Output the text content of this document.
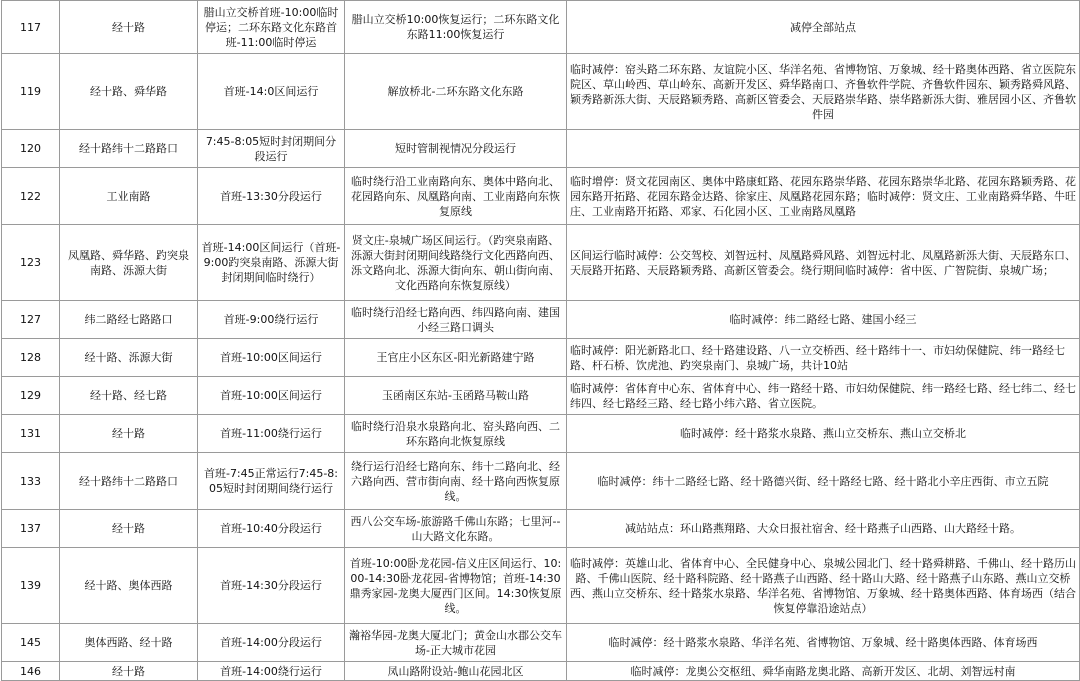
117	经十路	腊山立交桥首班-10:00临时停运；二环东路文化东路首班-11:00临时停运	腊山立交桥10:00恢复运行；二环东路文化东路11:00恢复运行	减停全部站点
119	经十路、舜华路	首班-14:0区间运行	解放桥北-二环东路文化东路	临时减停：窑头路二环东路、友谊院小区、华洋名苑、省博物馆、万象城、经十路奥体西路、省立医院东院区、草山岭西、草山岭东、高新开发区、舜华路南口、齐鲁软件学院、齐鲁软件园东、颖秀路舜风路、颖秀路新泺大街、天辰路颖秀路、高新区管委会、天辰路崇华路、崇华路新泺大街、雅居园小区、齐鲁软件园
120	经十路纬十二路路口	7:45-8:05短时封闭期间分段运行	短时管制视情况分段运行	
122	工业南路	首班-13:30分段运行	临时绕行沿工业南路向东、奥体中路向北、花园路向东、凤凰路向南、工业南路向东恢复原线	临时增停：贤文花园南区、奥体中路康虹路、花园东路崇华路、花园东路崇华北路、花园东路颖秀路、花园东路开拓路、花园东路金达路、徐家庄、凤凰路花园东路；临时减停：贤文庄、工业南路舜华路、牛旺庄、工业南路开拓路、邓家、石化园小区、工业南路凤凰路
123	凤凰路、舜华路、趵突泉南路、泺源大街	首班-14:00区间运行（首班-9:00趵突泉南路、泺源大街封闭期间临时绕行）	贤文庄-泉城广场区间运行。（趵突泉南路、泺源大街封闭期间线路绕行文化西路向西、泺文路向北、泺源大街向东、朝山街向南、文化西路向东恢复原线）	区间运行临时减停：公交驾校、刘智远村、凤凰路舜风路、刘智远村北、凤凰路新泺大街、天辰路东口、天辰路开拓路、天辰路颖秀路、高新区管委会。绕行期间临时减停：省中医、广智院街、泉城广场；
127	纬二路经七路路口	首班-9:00绕行运行	临时绕行沿经七路向西、纬四路向南、建国小经三路口调头	临时减停：纬二路经七路、建国小经三
128	经十路、泺源大街	首班-10:00区间运行	王官庄小区东区-阳光新路建宁路	临时减停：阳光新路北口、经十路建设路、八一立交桥西、经十路纬十一、市妇幼保健院、纬一路经七路、杆石桥、饮虎池、趵突泉南门、泉城广场，共计10站
129	经十路、经七路	首班-10:00区间运行	玉函南区东站-玉函路马鞍山路	临时减停：省体育中心东、省体育中心、纬一路经十路、市妇幼保健院、纬一路经七路、经七纬二、经七纬四、经七路经三路、经七路小纬六路、省立医院。
131	经十路	首班-11:00绕行运行	临时绕行沿泉水泉路向北、窑头路向西、二环东路向北恢复原线	临时减停：经十路浆水泉路、燕山立交桥东、燕山立交桥北
133	经十路纬十二路路口	首班-7:45正常运行7:45-8:05短时封闭期间绕行运行	绕行运行沿经七路向东、纬十二路向北、经六路向西、营市街向南、经十路向西恢复原线。	临时减停：纬十二路经七路、经十路德兴街、经十路经七路、经十路北小辛庄西街、市立五院
137	经十路	首班-10:40分段运行	西八公交车场-旅游路千佛山东路；七里河--山大路文化东路。	减站站点：环山路燕翔路、大众日报社宿舍、经十路燕子山西路、山大路经十路。
139	经十路、奥体西路	首班-14:30分段运行	首班-10:00卧龙花园-信义庄区间运行、10:00-14:30卧龙花园-省博物馆；首班-14:30鼎秀家园-龙奥大厦西门区间。14:30恢复原线。	临时减停：英雄山北、省体育中心、全民健身中心、泉城公园北门、经十路舜耕路、千佛山、经十路历山路、千佛山医院、经十路科院路、经十路燕子山西路、经十路山大路、经十路燕子山东路、燕山立交桥西、燕山立交桥东、经十路浆水泉路、华洋名苑、省博物馆、万象城、经十路奥体西路、体育场西（结合恢复停靠沿途站点）
145	奥体西路、经十路	首班-14:00分段运行	瀚裕华园-龙奥大厦北门；黄金山水郡公交车场-正大城市花园	临时减停：经十路浆水泉路、华洋名苑、省博物馆、万象城、经十路奥体西路、体育场西
146	经十路	首班-14:00绕行运行	凤山路附设站-鲍山花园北区	临时减停：龙奥公交枢纽、舜华南路龙奥北路、高新开发区、北胡、刘智远村南
